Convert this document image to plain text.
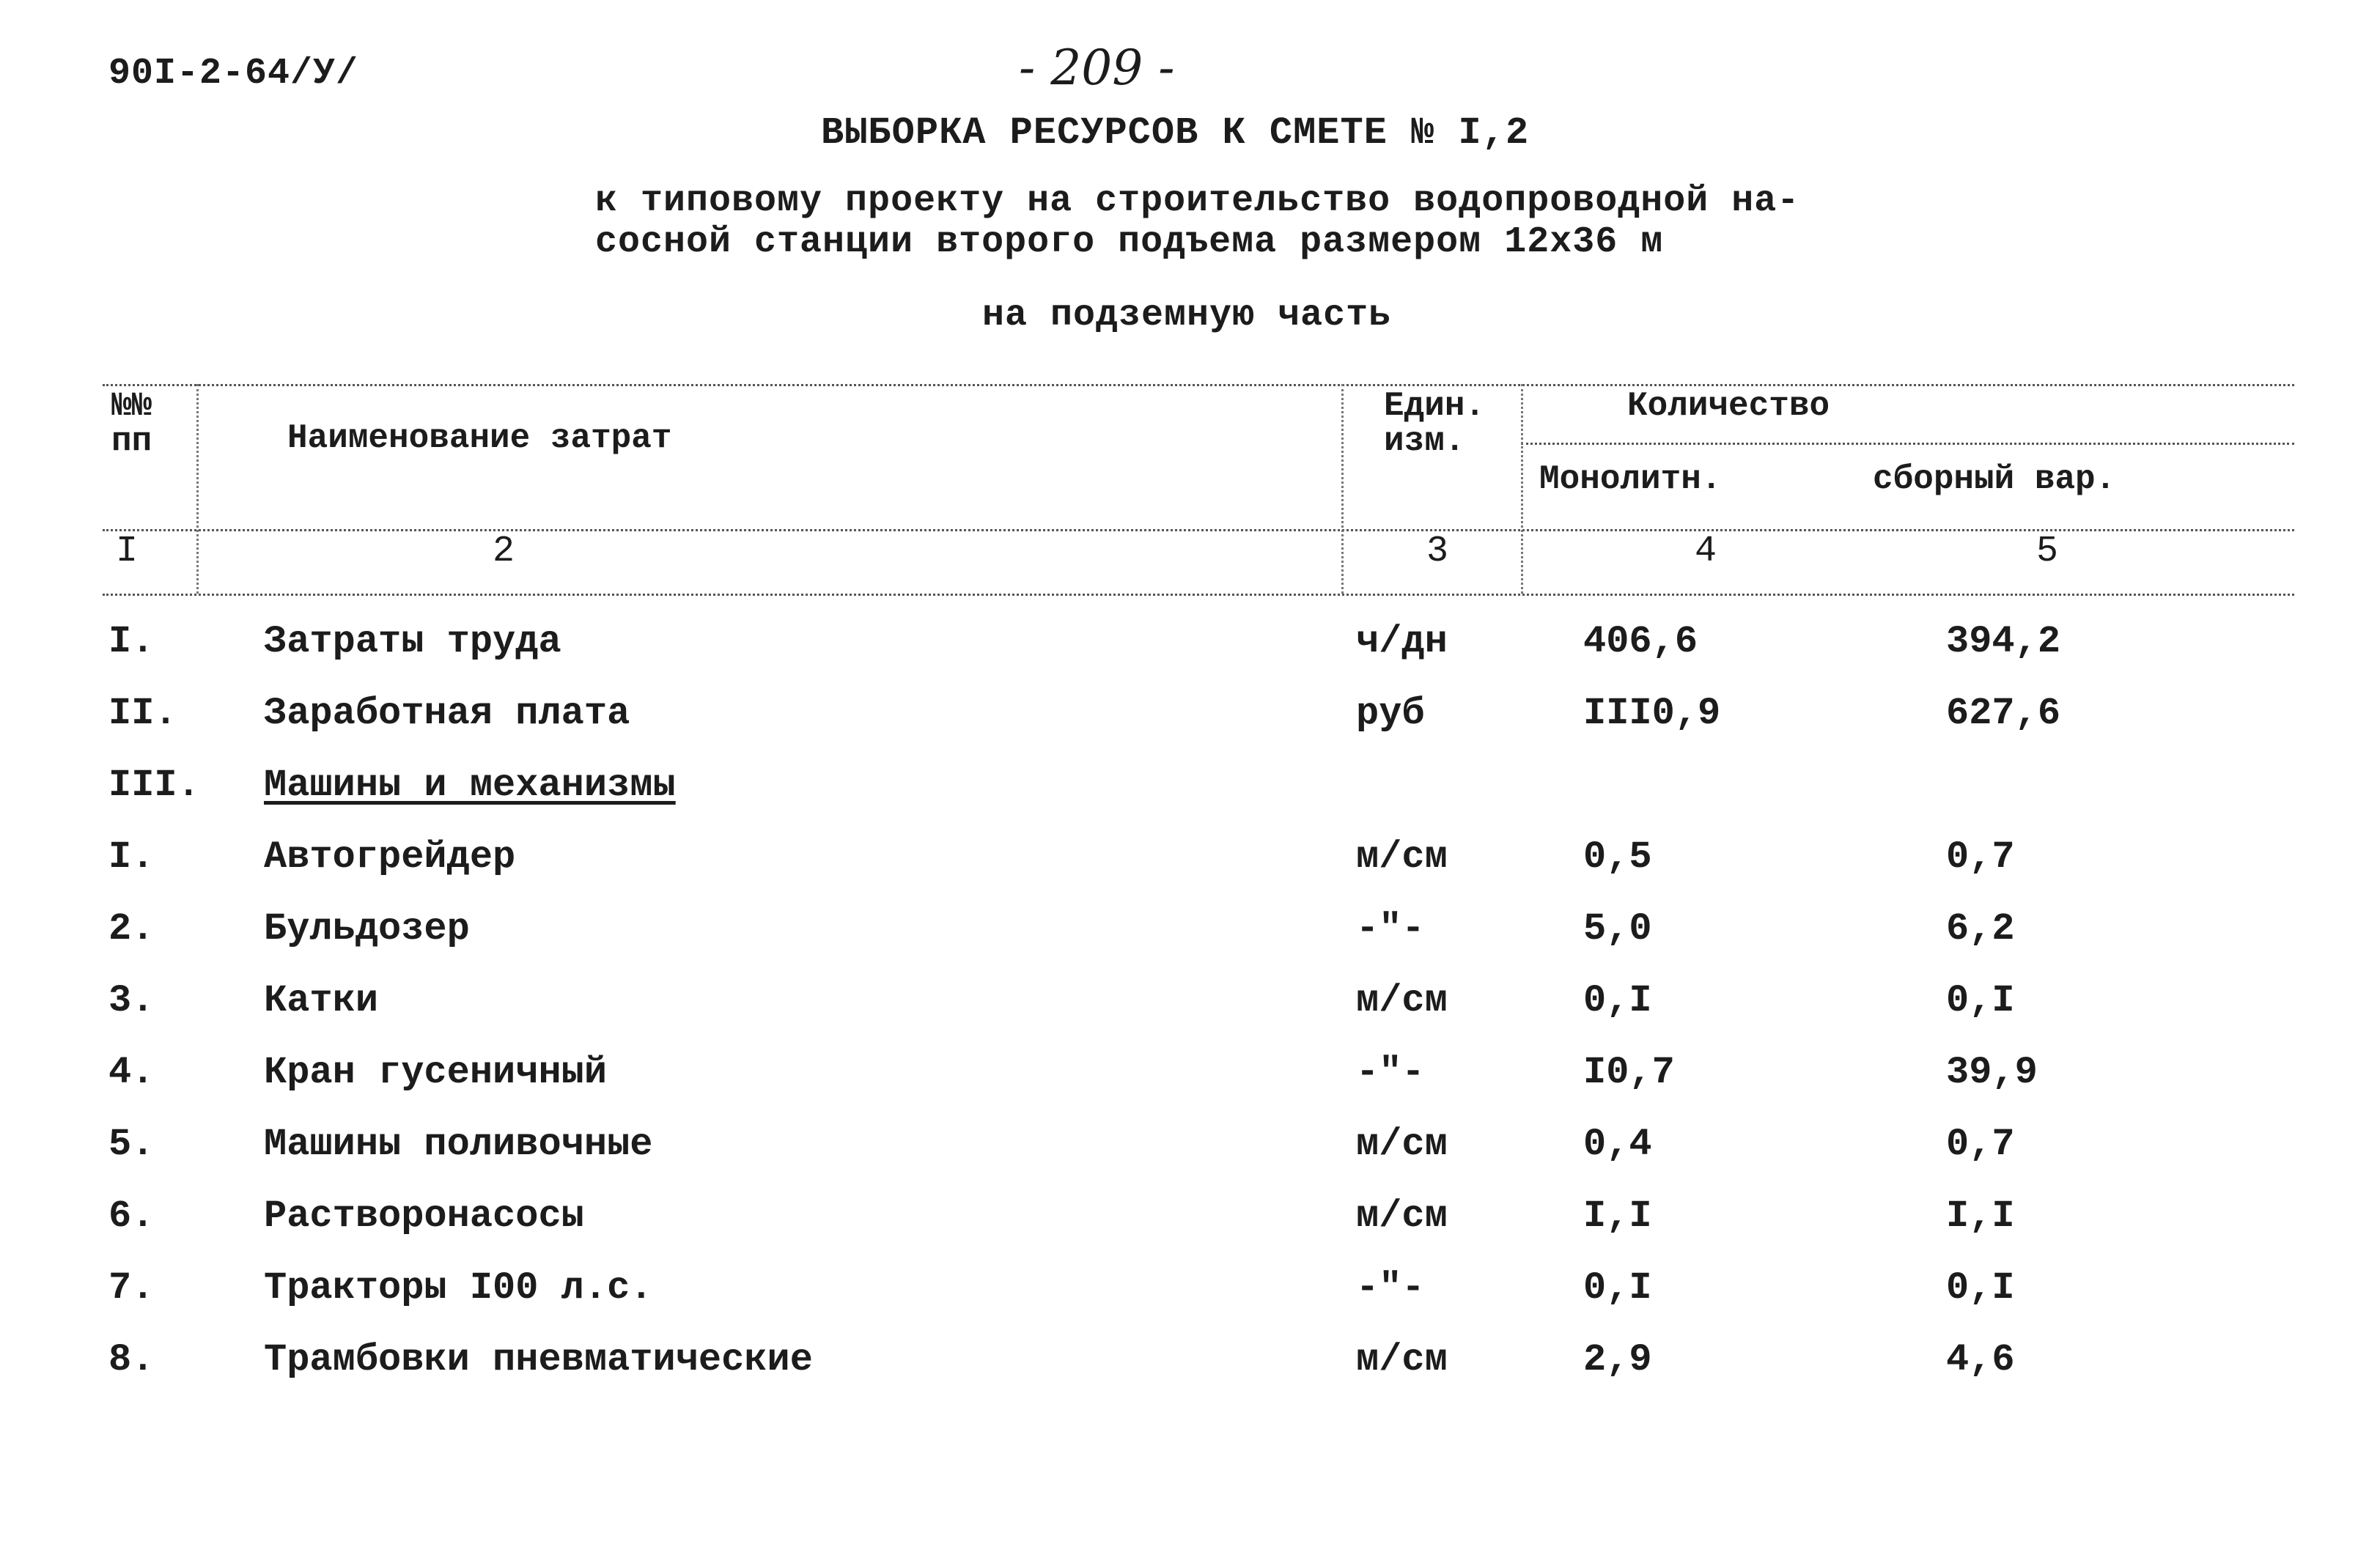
90I-2-64/У/	- 209 -
ВЫБОРКА РЕСУРСОВ К СМЕТЕ № I,2
к типовому проекту на строительство водопроводной на-
сосной станции второго подъема размером 12х36 м
на подземную часть
№№
пп	Наименование затрат
Един.
изм.
Количество
Монолитн.	сборный вар.
I	2	3	4	5
I.	Затраты труда	ч/дн	406,6	394,2
II. Заработная плата	руб	III0,9	627,6
III. Машины и механизмы
I.	Автогрейдер	м/см	0,5	0,7
2.	Бульдозер	-"-	5,0	6,2
3.	Катки	м/см	0,I	0,I
4.	Кран гусеничный	-"-	I0,7	39,9
5.	Машины поливочные	м/см	0,4	0,7
6.	Растворонасосы	м/см	I,I	I,I
7.	Тракторы I00 л.с.	-"-	0,I	0,I
8.	Трамбовки пневматические	м/см	2,9	4,6
